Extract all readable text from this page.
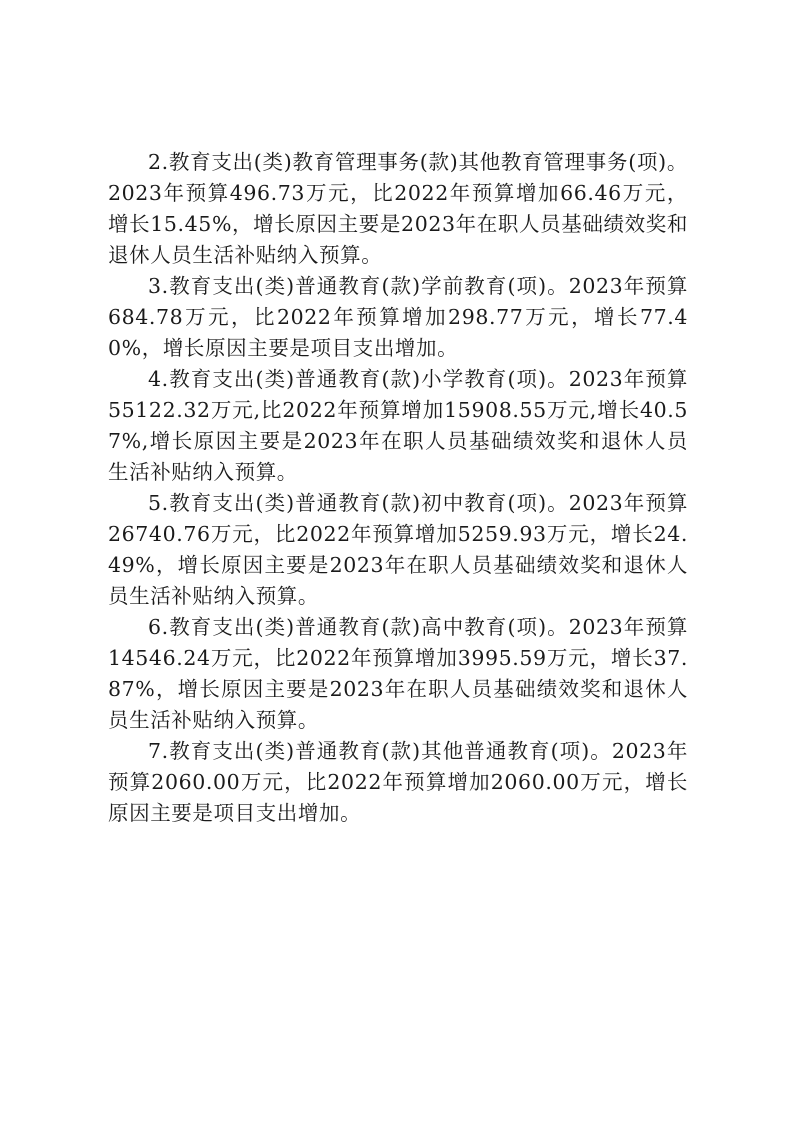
2.教育支出(类)教育管理事务(款)其他教育管理事务(项)。2023年预算496.73万元，比2022年预算增加66.46万元，增长15.45%，增长原因主要是2023年在职人员基础绩效奖和退休人员生活补贴纳入预算。

3.教育支出(类)普通教育(款)学前教育(项)。2023年预算684.78万元，比2022年预算增加298.77万元，增长77.40%，增长原因主要是项目支出增加。

4.教育支出(类)普通教育(款)小学教育(项)。2023年预算55122.32万元,比2022年预算增加15908.55万元,增长40.57%,增长原因主要是2023年在职人员基础绩效奖和退休人员生活补贴纳入预算。

5.教育支出(类)普通教育(款)初中教育(项)。2023年预算26740.76万元，比2022年预算增加5259.93万元，增长24.49%，增长原因主要是2023年在职人员基础绩效奖和退休人员生活补贴纳入预算。

6.教育支出(类)普通教育(款)高中教育(项)。2023年预算14546.24万元，比2022年预算增加3995.59万元，增长37.87%，增长原因主要是2023年在职人员基础绩效奖和退休人员生活补贴纳入预算。

7.教育支出(类)普通教育(款)其他普通教育(项)。2023年预算2060.00万元，比2022年预算增加2060.00万元，增长原因主要是项目支出增加。
